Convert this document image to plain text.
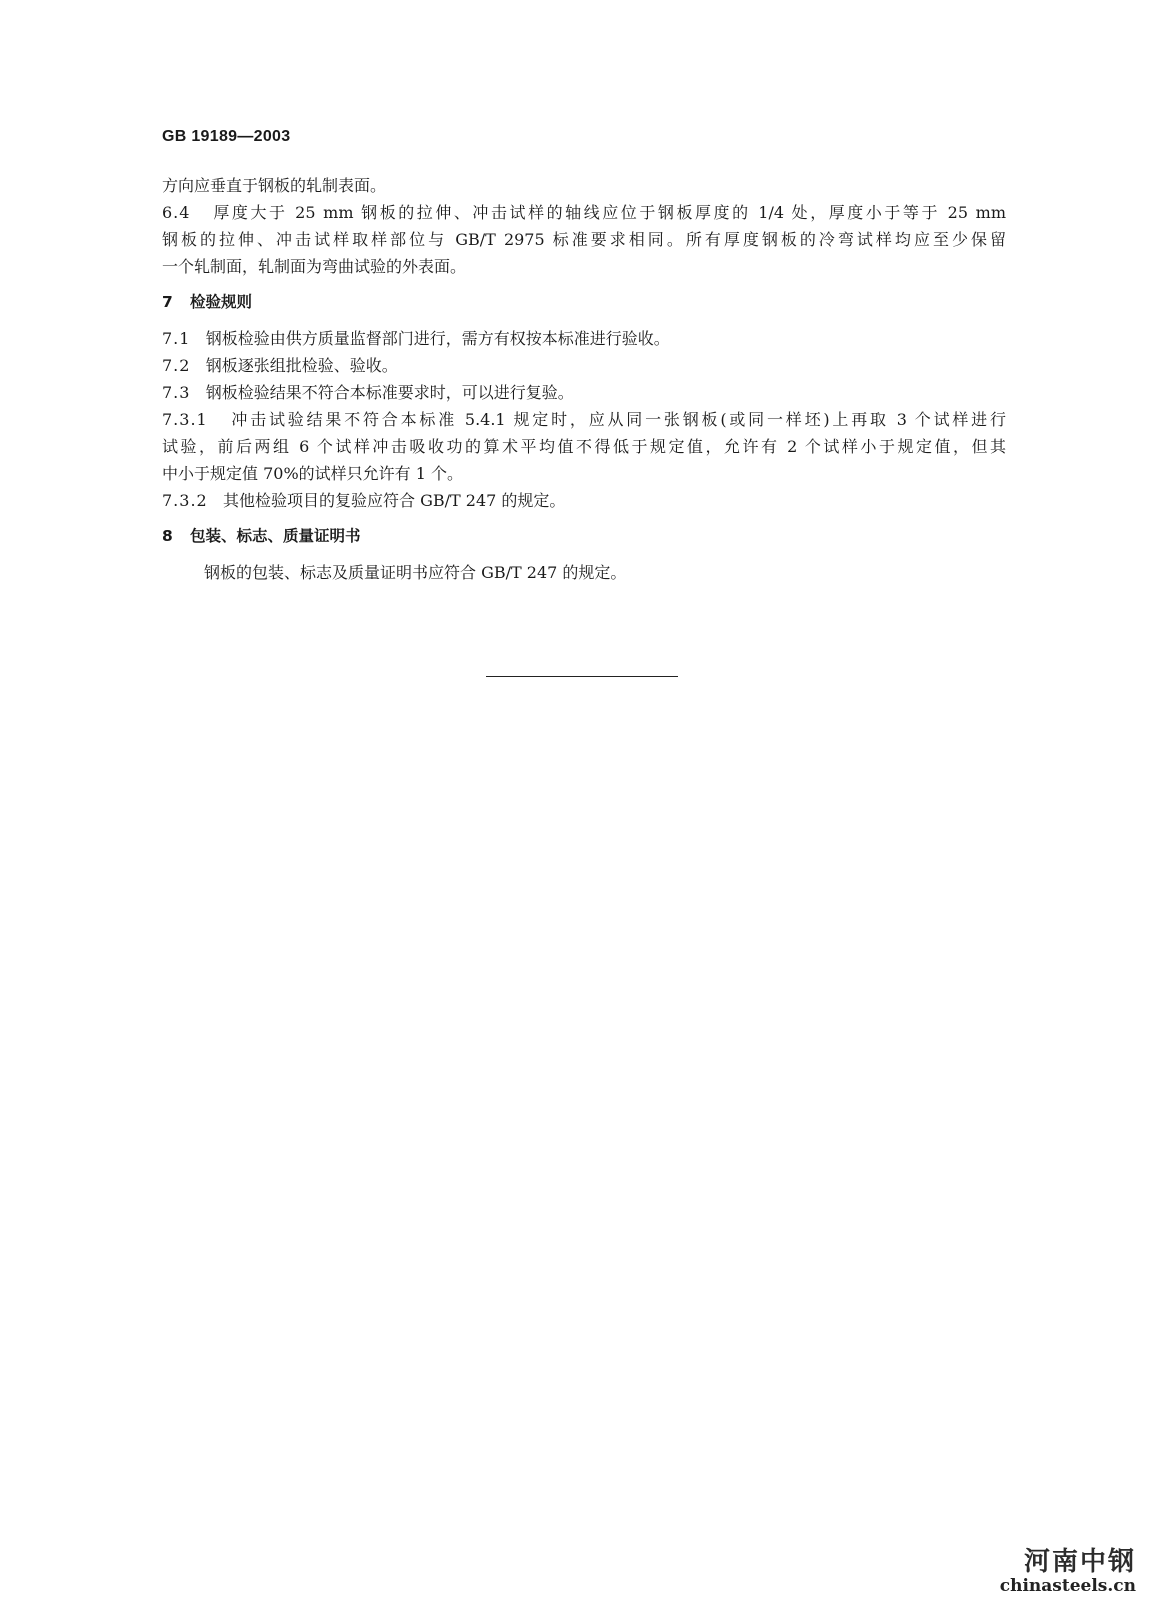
GB 19189—2003
方向应垂直于钢板的轧制表面。
6.4 厚度大于 25 mm 钢板的拉伸、冲击试样的轴线应位于钢板厚度的 1/4 处，厚度小于等于 25 mm
钢板的拉伸、冲击试样取样部位与 GB/T 2975 标准要求相同。所有厚度钢板的冷弯试样均应至少保留
一个轧制面，轧制面为弯曲试验的外表面。
7 检验规则
7.1 钢板检验由供方质量监督部门进行，需方有权按本标准进行验收。
7.2 钢板逐张组批检验、验收。
7.3 钢板检验结果不符合本标准要求时，可以进行复验。
7.3.1 冲击试验结果不符合本标准 5.4.1 规定时，应从同一张钢板(或同一样坯)上再取 3 个试样进行
试验，前后两组 6 个试样冲击吸收功的算术平均值不得低于规定值，允许有 2 个试样小于规定值，但其
中小于规定值 70%的试样只允许有 1 个。
7.3.2 其他检验项目的复验应符合 GB/T 247 的规定。
8 包装、标志、质量证明书
钢板的包装、标志及质量证明书应符合 GB/T 247 的规定。
河南中钢
chinasteels.cn
